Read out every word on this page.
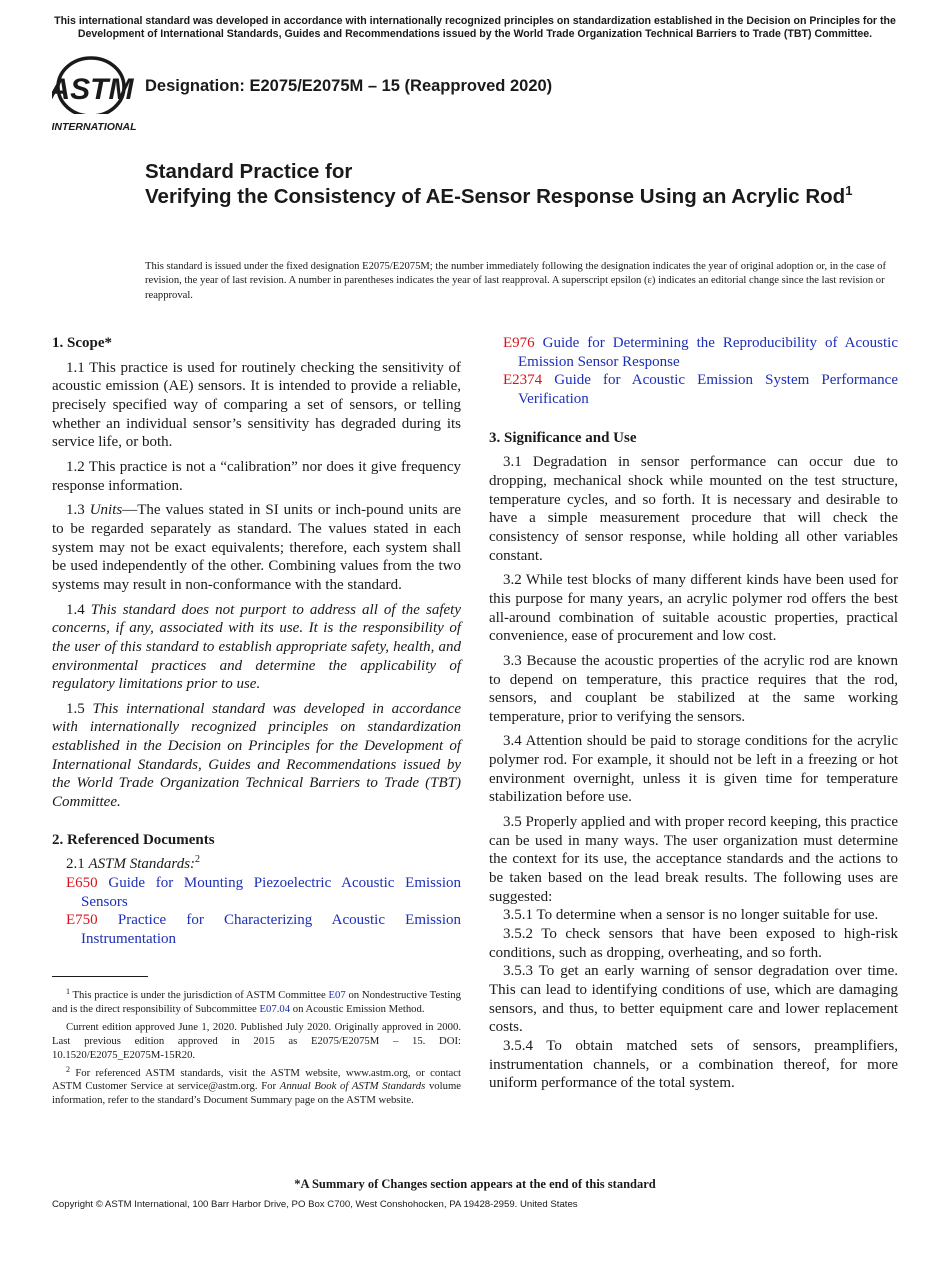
This international standard was developed in accordance with internationally recognized principles on standardization established in the Decision on Principles for the Development of International Standards, Guides and Recommendations issued by the World Trade Organization Technical Barriers to Trade (TBT) Committee.
ASTM
INTERNATIONAL
Designation: E2075/E2075M – 15 (Reapproved 2020)
Standard Practice for
Verifying the Consistency of AE-Sensor Response Using an Acrylic Rod$^1$
This standard is issued under the fixed designation E2075/E2075M; the number immediately following the designation indicates the year of original adoption or, in the case of revision, the year of last revision. A number in parentheses indicates the year of last reapproval. A superscript epsilon (ε) indicates an editorial change since the last revision or reapproval.
1. Scope*
1.1 This practice is used for routinely checking the sensitivity of acoustic emission (AE) sensors. It is intended to provide a reliable, precisely specified way of comparing a set of sensors, or telling whether an individual sensor’s sensitivity has degraded during its service life, or both.
1.2 This practice is not a “calibration” nor does it give frequency response information.
1.3 Units—The values stated in SI units or inch-pound units are to be regarded separately as standard. The values stated in each system may not be exact equivalents; therefore, each system shall be used independently of the other. Combining values from the two systems may result in non-conformance with the standard.
1.4 This standard does not purport to address all of the safety concerns, if any, associated with its use. It is the responsibility of the user of this standard to establish appropriate safety, health, and environmental practices and determine the applicability of regulatory limitations prior to use.
1.5 This international standard was developed in accordance with internationally recognized principles on standardization established in the Decision on Principles for the Development of International Standards, Guides and Recommendations issued by the World Trade Organization Technical Barriers to Trade (TBT) Committee.
2. Referenced Documents
2.1 ASTM Standards:$^2$
E650 Guide for Mounting Piezoelectric Acoustic Emission Sensors
E750 Practice for Characterizing Acoustic Emission Instrumentation
E976 Guide for Determining the Reproducibility of Acoustic Emission Sensor Response
E2374 Guide for Acoustic Emission System Performance Verification
3. Significance and Use
3.1 Degradation in sensor performance can occur due to dropping, mechanical shock while mounted on the test structure, temperature cycles, and so forth. It is necessary and desirable to have a simple measurement procedure that will check the consistency of sensor response, while holding all other variables constant.
3.2 While test blocks of many different kinds have been used for this purpose for many years, an acrylic polymer rod offers the best all-around combination of suitable acoustic properties, practical convenience, ease of procurement and low cost.
3.3 Because the acoustic properties of the acrylic rod are known to depend on temperature, this practice requires that the rod, sensors, and couplant be stabilized at the same working temperature, prior to verifying the sensors.
3.4 Attention should be paid to storage conditions for the acrylic polymer rod. For example, it should not be left in a freezing or hot environment overnight, unless it is given time for temperature stabilization before use.
3.5 Properly applied and with proper record keeping, this practice can be used in many ways. The user organization must determine the context for its use, the acceptance standards and the actions to be taken based on the lead break results. The following uses are suggested:
3.5.1 To determine when a sensor is no longer suitable for use.
3.5.2 To check sensors that have been exposed to high-risk conditions, such as dropping, overheating, and so forth.
3.5.3 To get an early warning of sensor degradation over time. This can lead to identifying conditions of use, which are damaging sensors, and thus, to better equipment care and lower replacement costs.
3.5.4 To obtain matched sets of sensors, preamplifiers, instrumentation channels, or a combination thereof, for more uniform performance of the total system.
$^1$ This practice is under the jurisdiction of ASTM Committee E07 on Nondestructive Testing and is the direct responsibility of Subcommittee E07.04 on Acoustic Emission Method.
Current edition approved June 1, 2020. Published July 2020. Originally approved in 2000. Last previous edition approved in 2015 as E2075/E2075M – 15. DOI: 10.1520/E2075_E2075M-15R20.
$^2$ For referenced ASTM standards, visit the ASTM website, www.astm.org, or contact ASTM Customer Service at service@astm.org. For Annual Book of ASTM Standards volume information, refer to the standard’s Document Summary page on the ASTM website.
*A Summary of Changes section appears at the end of this standard
Copyright © ASTM International, 100 Barr Harbor Drive, PO Box C700, West Conshohocken, PA 19428-2959. United States
